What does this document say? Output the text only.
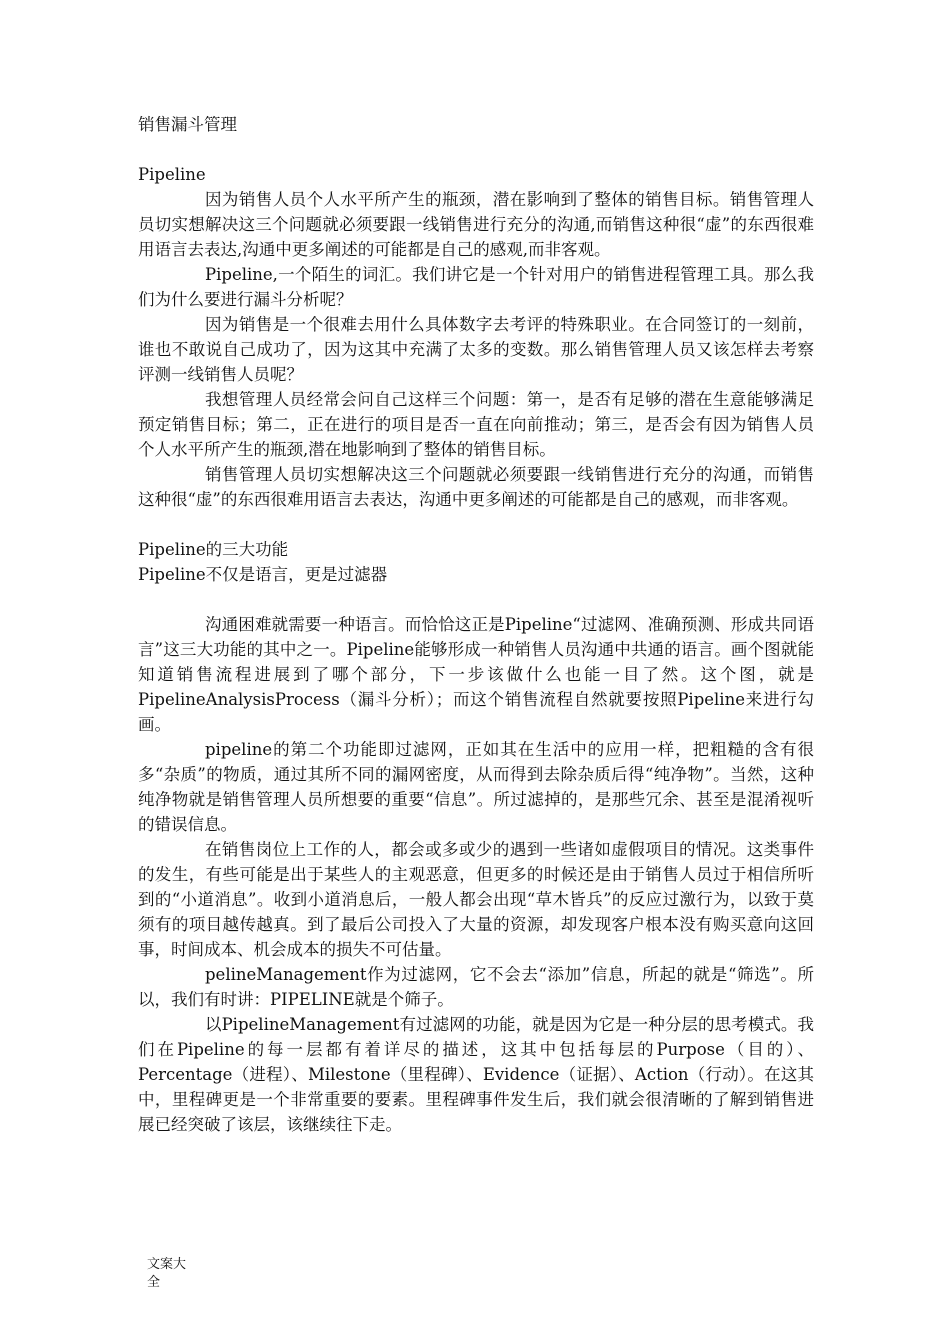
销售漏斗管理

Pipeline

因为销售人员个人水平所产生的瓶颈，潜在影响到了整体的销售目标。销售管理人员切实想解决这三个问题就必须要跟一线销售进行充分的沟通,而销售这种很“虚”的东西很难用语言去表达,沟通中更多阐述的可能都是自己的感观,而非客观。

Pipeline,一个陌生的词汇。我们讲它是一个针对用户的销售进程管理工具。那么我们为什么要进行漏斗分析呢？

因为销售是一个很难去用什么具体数字去考评的特殊职业。在合同签订的一刻前，谁也不敢说自己成功了，因为这其中充满了太多的变数。那么销售管理人员又该怎样去考察评测一线销售人员呢？

我想管理人员经常会问自己这样三个问题：第一，是否有足够的潜在生意能够满足预定销售目标；第二，正在进行的项目是否一直在向前推动；第三，是否会有因为销售人员个人水平所产生的瓶颈,潜在地影响到了整体的销售目标。

销售管理人员切实想解决这三个问题就必须要跟一线销售进行充分的沟通，而销售这种很“虚”的东西很难用语言去表达，沟通中更多阐述的可能都是自己的感观，而非客观。

Pipeline的三大功能

Pipeline不仅是语言，更是过滤器

沟通困难就需要一种语言。而恰恰这正是Pipeline“过滤网、准确预测、形成共同语言”这三大功能的其中之一。Pipeline能够形成一种销售人员沟通中共通的语言。画个图就能知道销售流程进展到了哪个部分，下一步该做什么也能一目了然。这个图，就是PipelineAnalysisProcess（漏斗分析）；而这个销售流程自然就要按照Pipeline来进行勾画。

pipeline的第二个功能即过滤网，正如其在生活中的应用一样，把粗糙的含有很多“杂质”的物质，通过其所不同的漏网密度，从而得到去除杂质后得“纯净物”。当然，这种纯净物就是销售管理人员所想要的重要“信息”。所过滤掉的，是那些冗余、甚至是混淆视听的错误信息。

在销售岗位上工作的人，都会或多或少的遇到一些诸如虚假项目的情况。这类事件的发生，有些可能是出于某些人的主观恶意，但更多的时候还是由于销售人员过于相信所听到的“小道消息”。收到小道消息后，一般人都会出现“草木皆兵”的反应过激行为，以致于莫须有的项目越传越真。到了最后公司投入了大量的资源，却发现客户根本没有购买意向这回事，时间成本、机会成本的损失不可估量。

pelineManagement作为过滤网，它不会去“添加”信息，所起的就是“筛选”。所以，我们有时讲：PIPELINE就是个筛子。

以PipelineManagement有过滤网的功能，就是因为它是一种分层的思考模式。我们在Pipeline的每一层都有着详尽的描述，这其中包括每层的Purpose（目的）、Percentage（进程）、Milestone（里程碑）、Evidence（证据）、Action（行动）。在这其中，里程碑更是一个非常重要的要素。里程碑事件发生后，我们就会很清晰的了解到销售进展已经突破了该层，该继续往下走。

文案大全
